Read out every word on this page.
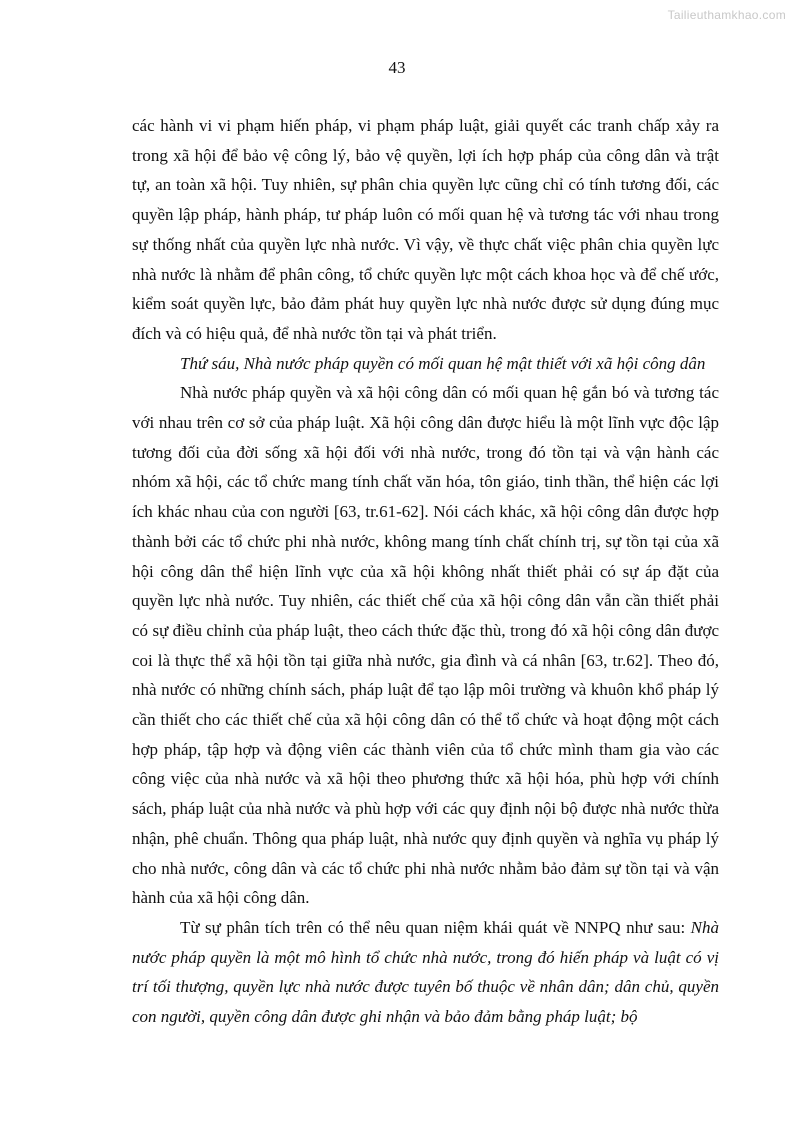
Tailieuthamkhao.com
43

các hành vi vi phạm hiến pháp, vi phạm pháp luật, giải quyết các tranh chấp xảy ra trong xã hội để bảo vệ công lý, bảo vệ quyền, lợi ích hợp pháp của công dân và trật tự, an toàn xã hội. Tuy nhiên, sự phân chia quyền lực cũng chỉ có tính tương đối, các quyền lập pháp, hành pháp, tư pháp luôn có mối quan hệ và tương tác với nhau trong sự thống nhất của quyền lực nhà nước. Vì vậy, về thực chất việc phân chia quyền lực nhà nước là nhằm để phân công, tổ chức quyền lực một cách khoa học và để chế ước, kiểm soát quyền lực, bảo đảm phát huy quyền lực nhà nước được sử dụng đúng mục đích và có hiệu quả, để nhà nước tồn tại và phát triển.

Thứ sáu, Nhà nước pháp quyền có mối quan hệ mật thiết với xã hội công dân

Nhà nước pháp quyền và xã hội công dân có mối quan hệ gắn bó và tương tác với nhau trên cơ sở của pháp luật. Xã hội công dân được hiểu là một lĩnh vực độc lập tương đối của đời sống xã hội đối với nhà nước, trong đó tồn tại và vận hành các nhóm xã hội, các tổ chức mang tính chất văn hóa, tôn giáo, tinh thần, thể hiện các lợi ích khác nhau của con người [63, tr.61-62]. Nói cách khác, xã hội công dân được hợp thành bởi các tổ chức phi nhà nước, không mang tính chất chính trị, sự tồn tại của xã hội công dân thể hiện lĩnh vực của xã hội không nhất thiết phải có sự áp đặt của quyền lực nhà nước. Tuy nhiên, các thiết chế của xã hội công dân vẫn cần thiết phải có sự điều chỉnh của pháp luật, theo cách thức đặc thù, trong đó xã hội công dân được coi là thực thể xã hội tồn tại giữa nhà nước, gia đình và cá nhân [63, tr.62]. Theo đó, nhà nước có những chính sách, pháp luật để tạo lập môi trường và khuôn khổ pháp lý cần thiết cho các thiết chế của xã hội công dân có thể tổ chức và hoạt động một cách hợp pháp, tập hợp và động viên các thành viên của tổ chức mình tham gia vào các công việc của nhà nước và xã hội theo phương thức xã hội hóa, phù hợp với chính sách, pháp luật của nhà nước và phù hợp với các quy định nội bộ được nhà nước thừa nhận, phê chuẩn. Thông qua pháp luật, nhà nước quy định quyền và nghĩa vụ pháp lý cho nhà nước, công dân và các tổ chức phi nhà nước nhằm bảo đảm sự tồn tại và vận hành của xã hội công dân.

Từ sự phân tích trên có thể nêu quan niệm khái quát về NNPQ như sau: Nhà nước pháp quyền là một mô hình tổ chức nhà nước, trong đó hiến pháp và luật có vị trí tối thượng, quyền lực nhà nước được tuyên bố thuộc về nhân dân; dân chủ, quyền con người, quyền công dân được ghi nhận và bảo đảm bằng pháp luật; bộ
